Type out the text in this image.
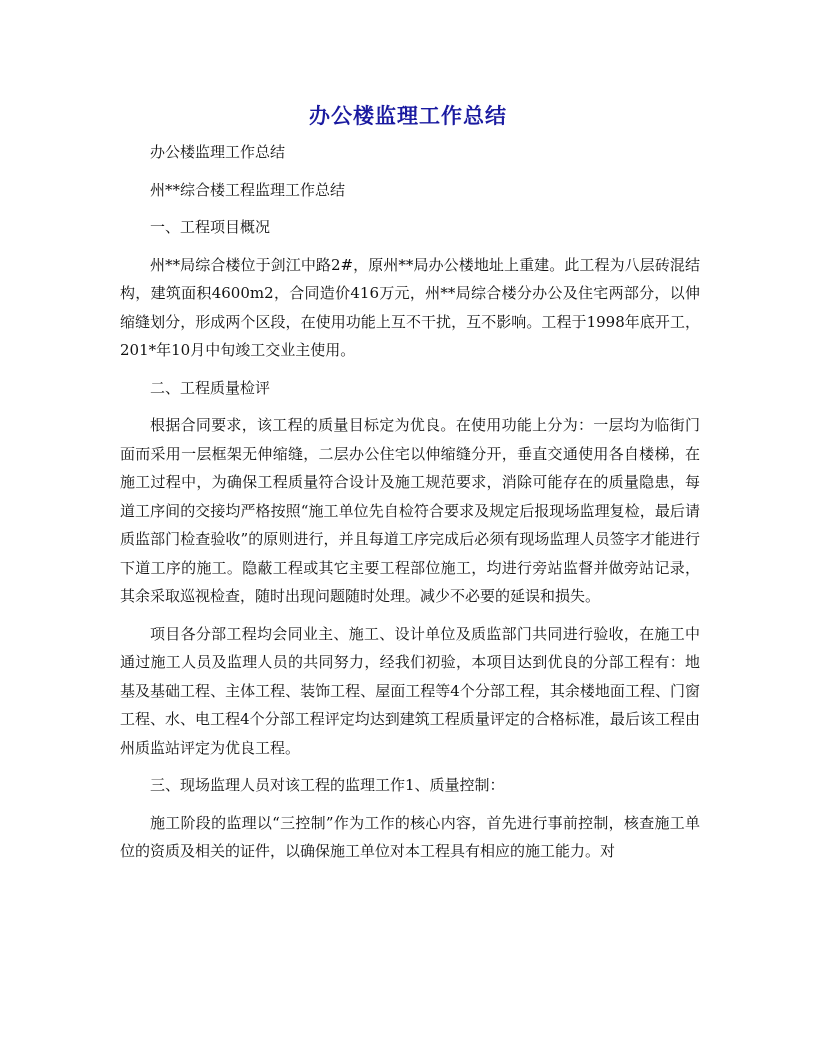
办公楼监理工作总结

办公楼监理工作总结

州**综合楼工程监理工作总结

一、工程项目概况

州**局综合楼位于剑江中路2#，原州**局办公楼地址上重建。此工程为八层砖混结构，建筑面积4600m2，合同造价416万元，州**局综合楼分办公及住宅两部分，以伸缩缝划分，形成两个区段，在使用功能上互不干扰，互不影响。工程于1998年底开工，201*年10月中旬竣工交业主使用。

二、工程质量检评

根据合同要求，该工程的质量目标定为优良。在使用功能上分为：一层均为临街门面而采用一层框架无伸缩缝，二层办公住宅以伸缩缝分开，垂直交通使用各自楼梯，在施工过程中，为确保工程质量符合设计及施工规范要求，消除可能存在的质量隐患，每道工序间的交接均严格按照“施工单位先自检符合要求及规定后报现场监理复检，最后请质监部门检查验收”的原则进行，并且每道工序完成后必须有现场监理人员签字才能进行下道工序的施工。隐蔽工程或其它主要工程部位施工，均进行旁站监督并做旁站记录，其余采取巡视检查，随时出现问题随时处理。减少不必要的延误和损失。

项目各分部工程均会同业主、施工、设计单位及质监部门共同进行验收，在施工中通过施工人员及监理人员的共同努力，经我们初验，本项目达到优良的分部工程有：地基及基础工程、主体工程、装饰工程、屋面工程等4个分部工程，其余楼地面工程、门窗工程、水、电工程4个分部工程评定均达到建筑工程质量评定的合格标准，最后该工程由州质监站评定为优良工程。

三、现场监理人员对该工程的监理工作1、质量控制：

施工阶段的监理以“三控制”作为工作的核心内容，首先进行事前控制，核查施工单位的资质及相关的证件，以确保施工单位对本工程具有相应的施工能力。对
